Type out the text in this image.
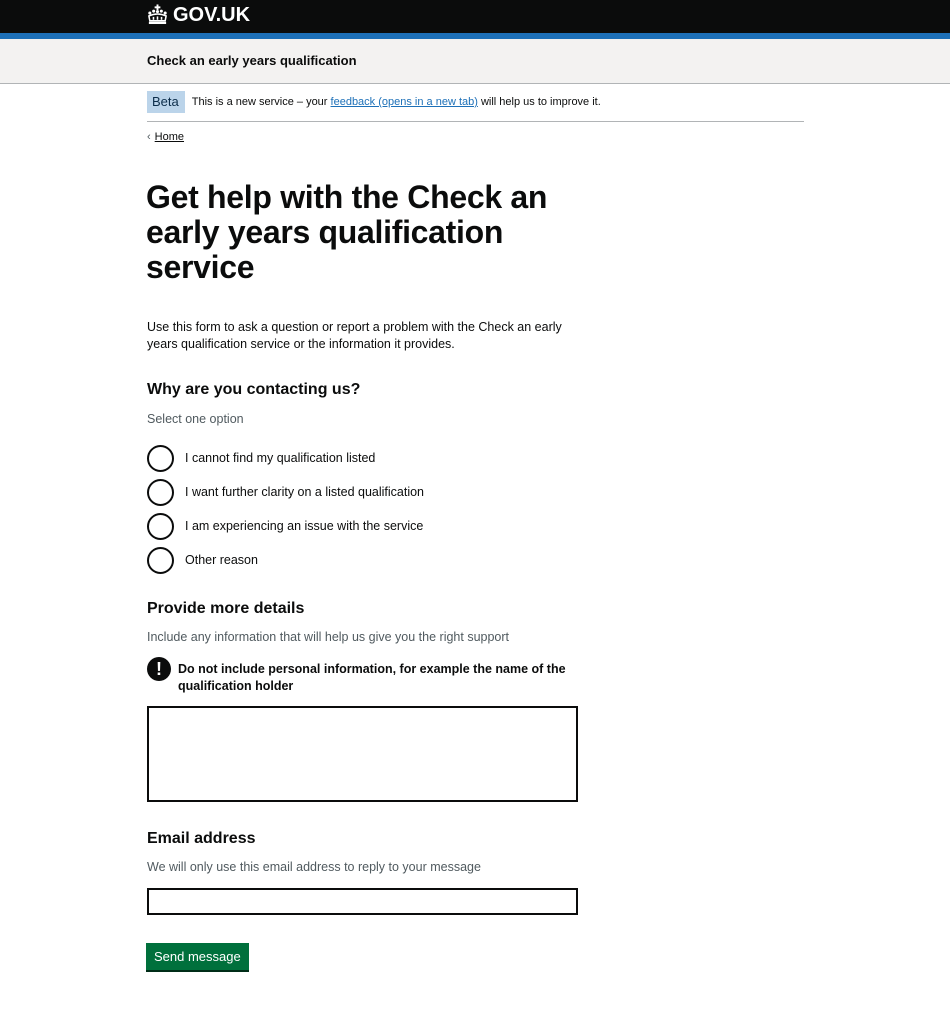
GOV.UK
Check an early years qualification
Beta	This is a new service – your feedback (opens in a new tab) will help us to improve it.
‹ Home
Get help with the Check an early years qualification service

Use this form to ask a question or report a problem with the Check an early years qualification service or the information it provides.

Why are you contacting us?
Select one option
I cannot find my qualification listed
I want further clarity on a listed qualification
I am experiencing an issue with the service
Other reason
Provide more details
Include any information that will help us give you the right support
!	Do not include personal information, for example the name of the qualification holder
Email address
We will only use this email address to reply to your message
Send message
